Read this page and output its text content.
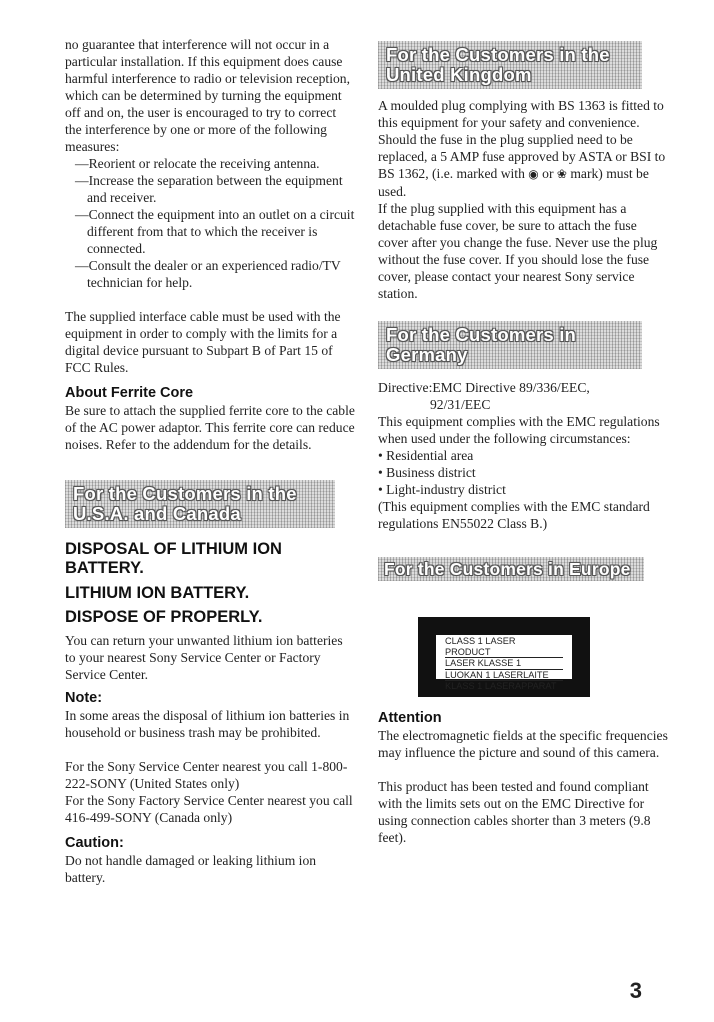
no guarantee that interference will not occur in a particular installation. If this equipment does cause harmful interference to radio or television reception, which can be determined by turning the equipment off and on, the user is encouraged to try to correct the interference by one or more of the following measures:

—Reorient or relocate the receiving antenna.

—Increase the separation between the equipment and receiver.

—Connect the equipment into an outlet on a circuit different from that to which the receiver is connected.

—Consult the dealer or an experienced radio/TV technician for help.

The supplied interface cable must be used with the equipment in order to comply with the limits for a digital device pursuant to Subpart B of Part 15 of FCC Rules.

About Ferrite Core

Be sure to attach the supplied ferrite core to the cable of the AC power adaptor. This ferrite core can reduce noises. Refer to the addendum for the details.

For the Customers in the
U.S.A. and Canada

DISPOSAL OF LITHIUM ION
BATTERY.

LITHIUM ION BATTERY.

DISPOSE OF PROPERLY.

You can return your unwanted lithium ion batteries to your nearest Sony Service Center or Factory Service Center.

Note:

In some areas the disposal of lithium ion batteries in household or business trash may be prohibited.

For the Sony Service Center nearest you call 1-800-222-SONY (United States only)

For the Sony Factory Service Center nearest you call 416-499-SONY (Canada only)

Caution:

Do not handle damaged or leaking lithium ion battery.

For the Customers in the
United Kingdom

A moulded plug complying with BS 1363 is fitted to this equipment for your safety and convenience.

Should the fuse in the plug supplied need to be replaced, a 5 AMP fuse approved by ASTA or BSI to BS 1362, (i.e. marked with ◉ or ❀ mark) must be used.

If the plug supplied with this equipment has a detachable fuse cover, be sure to attach the fuse cover after you change the fuse. Never use the plug without the fuse cover. If you should lose the fuse cover, please contact your nearest Sony service station.

For the Customers in
Germany

Directive:EMC Directive 89/336/EEC,

92/31/EEC

This equipment complies with the EMC regulations when used under the following circumstances:

• Residential area

• Business district

• Light-industry district

(This equipment complies with the EMC standard regulations EN55022 Class B.)

For the Customers in Europe
CLASS 1 LASER PRODUCT
LASER KLASSE 1
LUOKAN 1 LASERLAITE
KLASS 1 LASERAPPARAT

Attention

The electromagnetic fields at the specific frequencies may influence the picture and sound of this camera.

This product has been tested and found compliant with the limits sets out on the EMC Directive for using connection cables shorter than 3 meters (9.8 feet).

3
